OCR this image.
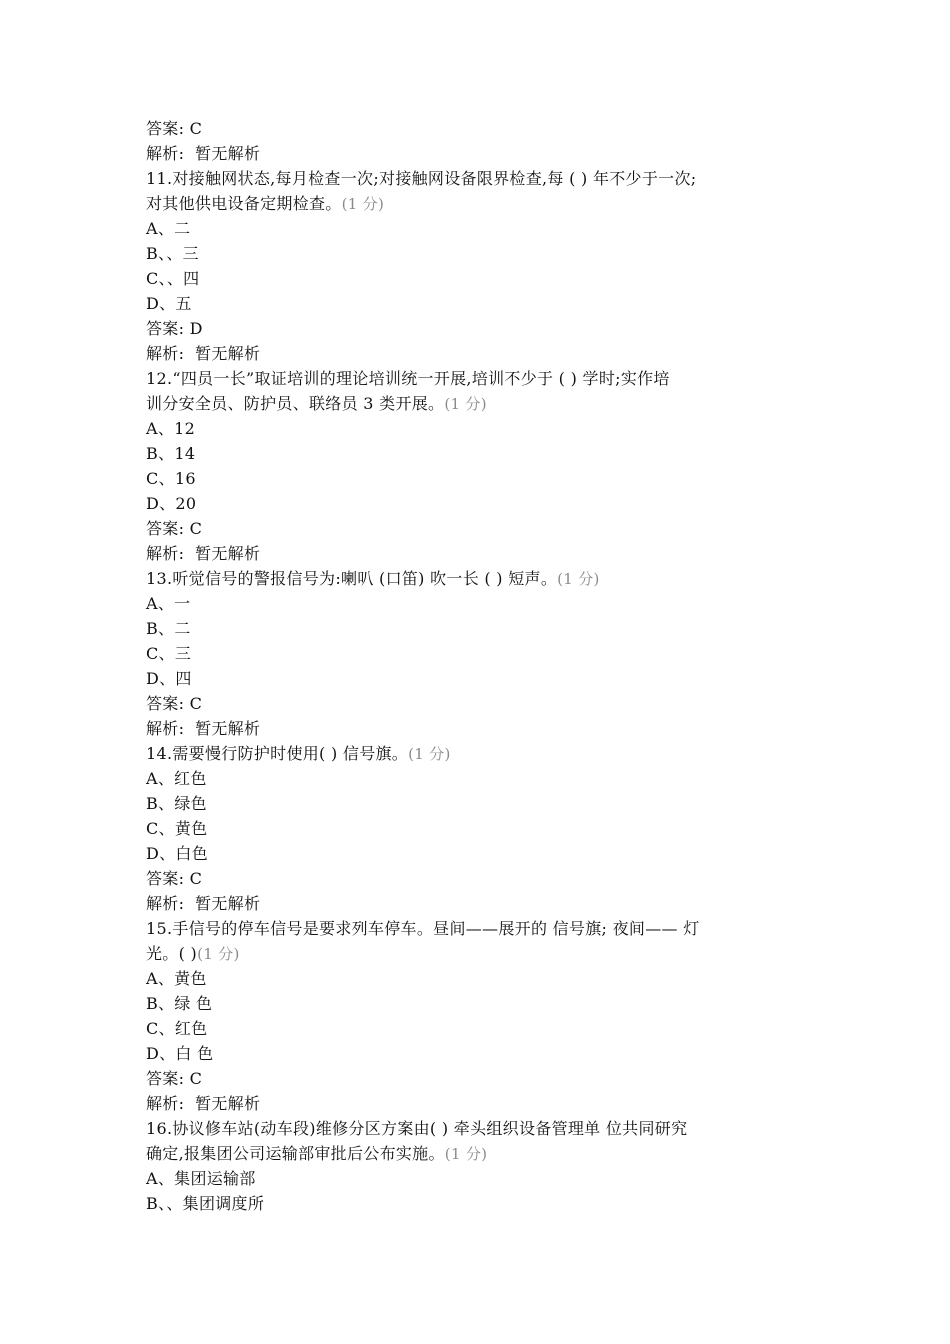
答案: C
解析:  暂无解析
11.对接触网状态,每月检查一次;对接触网设备限界检查,每 ( ) 年不少于一次;
对其他供电设备定期检查。(1 分)
A、二
B、、三
C、、四
D、五
答案: D
解析:  暂无解析
12.“四员一长”取证培训的理论培训统一开展,培训不少于 ( ) 学时;实作培
训分安全员、防护员、联络员 3 类开展。(1 分)
A、12
B、14
C、16
D、20
答案: C
解析:  暂无解析
13.听觉信号的警报信号为:喇叭 (口笛) 吹一长 ( ) 短声。(1 分)
A、一
B、二
C、三
D、四
答案: C
解析:  暂无解析
14.需要慢行防护时使用( ) 信号旗。(1 分)
A、红色
B、绿色
C、黄色
D、白色
答案: C
解析:  暂无解析
15.手信号的停车信号是要求列车停车。昼间——展开的 信号旗; 夜间—— 灯
光。( )(1 分)
A、黄色
B、绿 色
C、红色
D、白 色
答案: C
解析:  暂无解析
16.协议修车站(动车段)维修分区方案由( ) 牵头组织设备管理单 位共同研究
确定,报集团公司运输部审批后公布实施。(1 分)
A、集团运输部
B、、集团调度所
